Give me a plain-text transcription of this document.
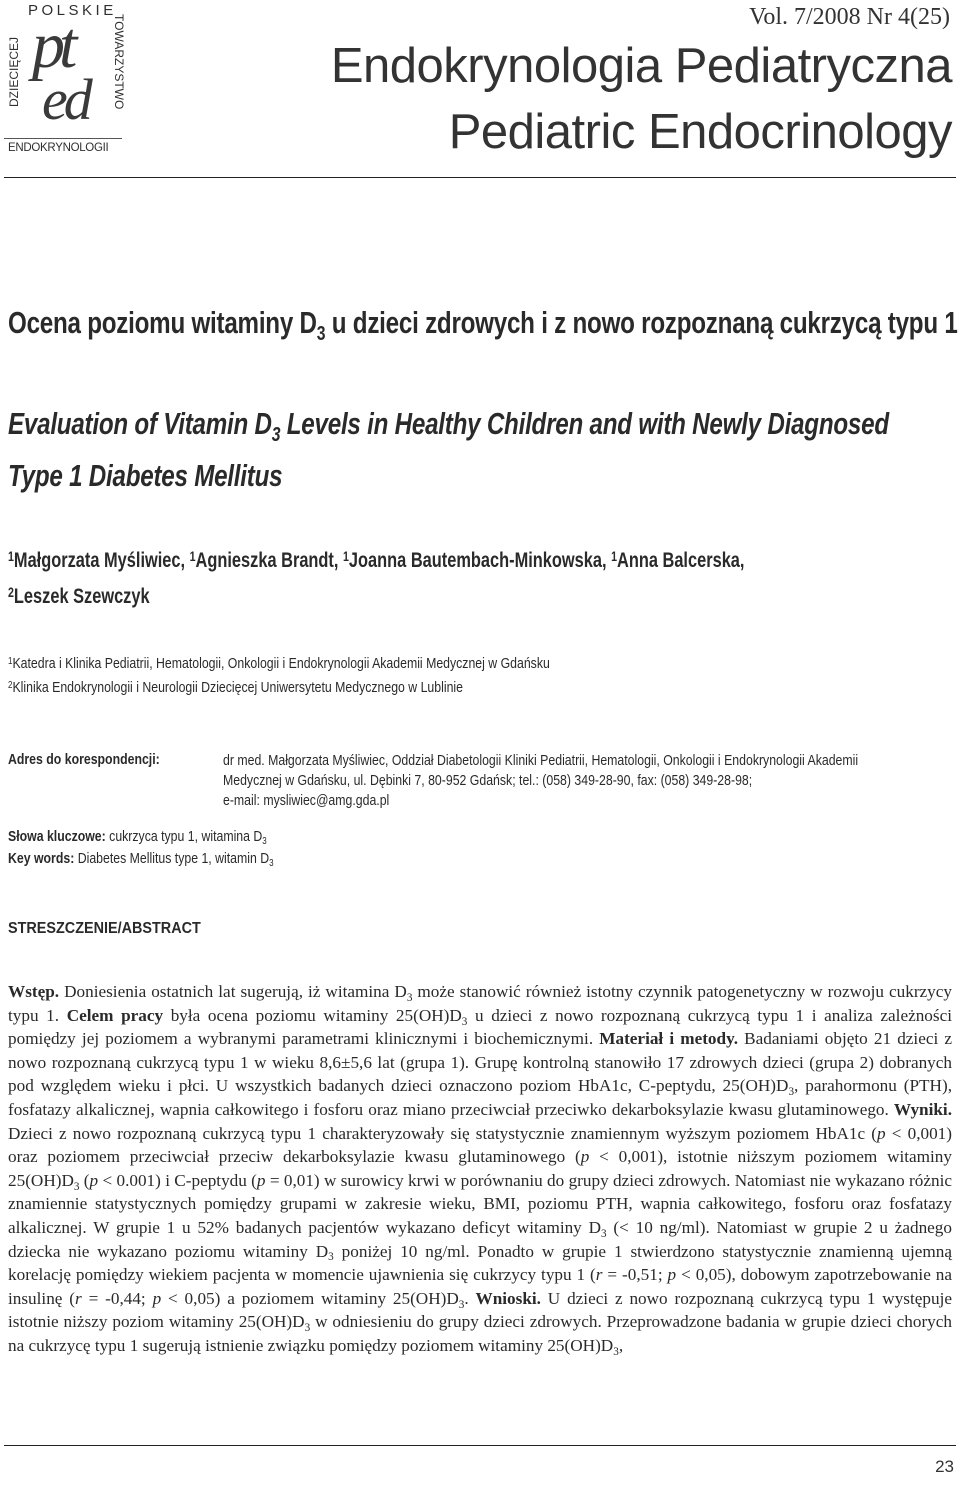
POLSKIE
DZIECIĘCEJ pt
ed TOWARZYSTWO
ENDOKRYNOLOGII
Vol. 7/2008 Nr 4(25)
Endokrynologia Pediatryczna
Pediatric Endocrinology
Ocena poziomu witaminy $D_3$ u dzieci zdrowych i z nowo rozpoznaną cukrzycą typu 1
Evaluation of Vitamin $D_3$ Levels in Healthy Children and with Newly Diagnosed Type 1 Diabetes Mellitus
$^1$Małgorzata Myśliwiec, $^1$Agnieszka Brandt, $^1$Joanna Bautembach-Minkowska, $^1$Anna Balcerska,
$^2$Leszek Szewczyk
$^1$Katedra i Klinika Pediatrii, Hematologii, Onkologii i Endokrynologii Akademii Medycznej w Gdańsku
$^2$Klinika Endokrynologii i Neurologii Dziecięcej Uniwersytetu Medycznego w Lublinie
Adres do korespondencji:	dr med. Małgorzata Myśliwiec, Oddział Diabetologii Kliniki Pediatrii, Hematologii, Onkologii i Endokrynologii Akademii
Medycznej w Gdańsku, ul. Dębinki 7, 80-952 Gdańsk; tel.: (058) 349-28-90, fax: (058) 349-28-98;
e-mail: mysliwiec@amg.gda.pl
Słowa kluczowe: cukrzyca typu 1, witamina $D_3$
Key words: Diabetes Mellitus type 1, witamin $D_3$
STRESZCZENIE/ABSTRACT
Wstęp. Doniesienia ostatnich lat sugerują, iż witamina $D_3$ może stanowić również istotny czynnik patogenetyczny w rozwoju cukrzycy typu 1. Celem pracy była ocena poziomu witaminy $25(OH)D_3$ u dzieci z nowo rozpoznaną cukrzycą typu 1 i analiza zależności pomiędzy jej poziomem a wybranymi parametrami klinicznymi i biochemicznymi. Materiał i metody. Badaniami objęto 21 dzieci z nowo rozpoznaną cukrzycą typu 1 w wieku 8,6±5,6 lat (grupa 1). Grupę kontrolną stanowiło 17 zdrowych dzieci (grupa 2) dobranych pod względem wieku i płci. U wszystkich badanych dzieci oznaczono poziom HbA1c, C-peptydu, $25(OH)D_3$, parahormonu (PTH), fosfatazy alkalicznej, wapnia całkowitego i fosforu oraz miano przeciwciał przeciwko dekarboksylazie kwasu glutaminowego. Wyniki. Dzieci z nowo rozpoznaną cukrzycą typu 1 charakteryzowały się statystycznie znamiennym wyższym poziomem HbA1c (p < 0,001) oraz poziomem przeciwciał przeciw dekarboksylazie kwasu glutaminowego (p < 0,001), istotnie niższym poziomem witaminy $25(OH)D_3$ (p < 0.001) i C-peptydu (p = 0,01) w surowicy krwi w porównaniu do grupy dzieci zdrowych. Natomiast nie wykazano różnic znamiennie statystycznych pomiędzy grupami w zakresie wieku, BMI, poziomu PTH, wapnia całkowitego, fosforu oraz fosfatazy alkalicznej. W grupie 1 u 52% badanych pacjentów wykazano deficyt witaminy $D_3$ (< 10 ng/ml). Natomiast w grupie 2 u żadnego dziecka nie wykazano poziomu witaminy $D_3$ poniżej 10 ng/ml. Ponadto w grupie 1 stwierdzono statystycznie znamienną ujemną korelację pomiędzy wiekiem pacjenta w momencie ujawnienia się cukrzycy typu 1 (r = -0,51; p < 0,05), dobowym zapotrzebowanie na insulinę (r = -0,44; p < 0,05) a poziomem witaminy $25(OH)D_3$. Wnioski. U dzieci z nowo rozpoznaną cukrzycą typu 1 występuje istotnie niższy poziom witaminy $25(OH)D_3$ w odniesieniu do grupy dzieci zdrowych. Przeprowadzone badania w grupie dzieci chorych na cukrzycę typu 1 sugerują istnienie związku pomiędzy poziomem witaminy $25(OH)D_3$,
23
